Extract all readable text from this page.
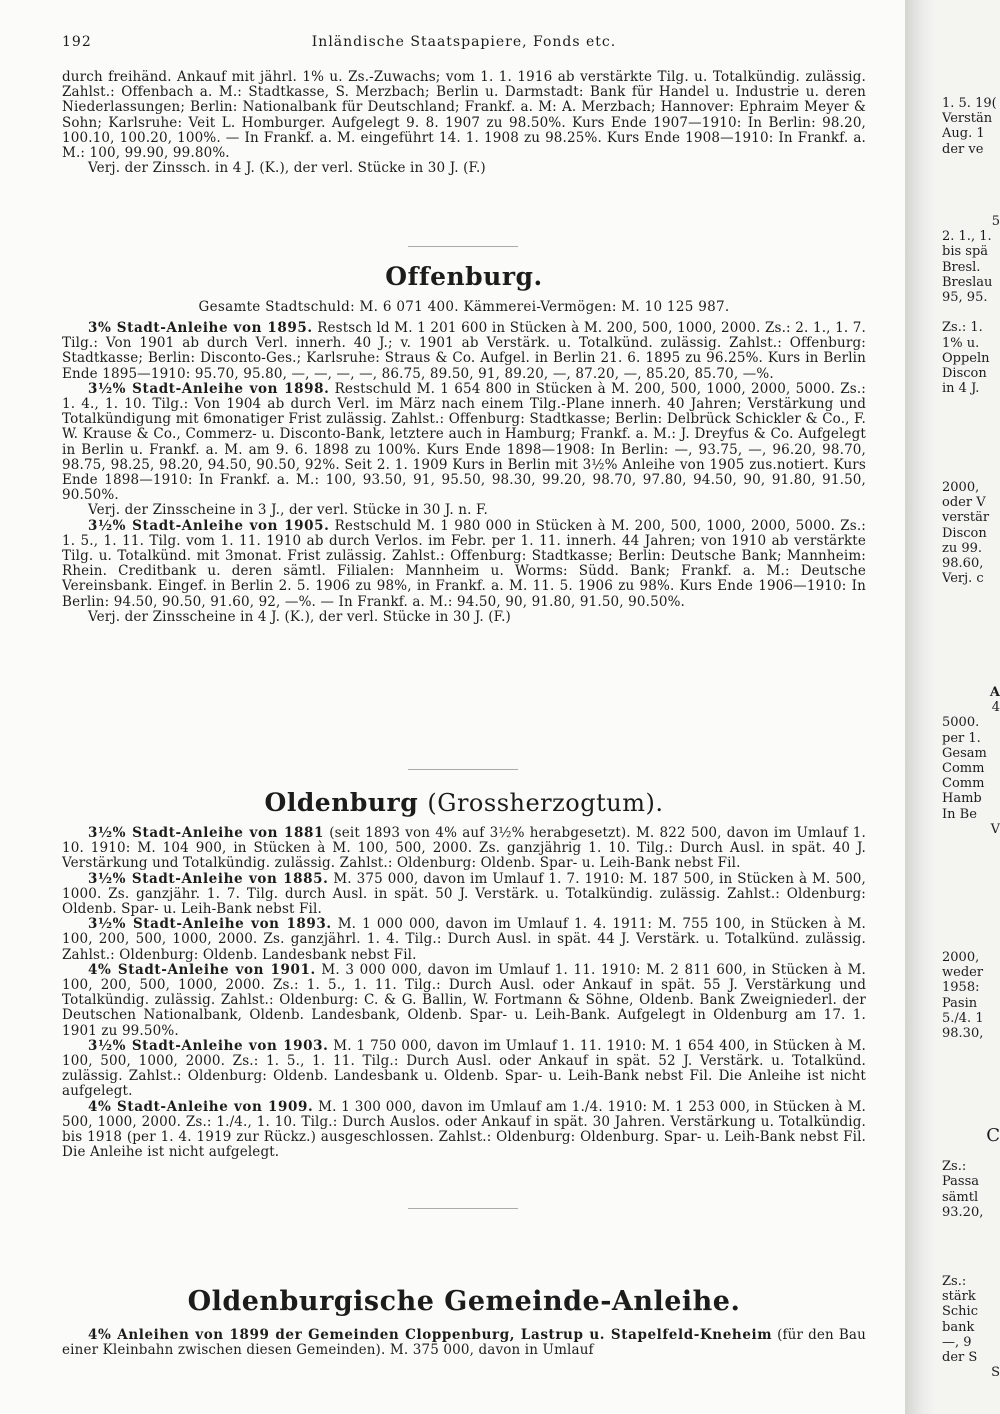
192	Inländische Staatspapiere, Fonds etc.

durch freihänd. Ankauf mit jährl. 1% u. Zs.-Zuwachs; vom 1. 1. 1916 ab verstärkte Tilg. u. Totalkündig. zulässig. Zahlst.: Offenbach a. M.: Stadtkasse, S. Merzbach; Berlin u. Darmstadt: Bank für Handel u. Industrie u. deren Niederlassungen; Berlin: Nationalbank für Deutschland; Frankf. a. M: A. Merzbach; Hannover: Ephraim Meyer & Sohn; Karlsruhe: Veit L. Homburger. Aufgelegt 9. 8. 1907 zu 98.50%. Kurs Ende 1907—1910: In Berlin: 98.20, 100.10, 100.20, 100%. — In Frankf. a. M. eingeführt 14. 1. 1908 zu 98.25%. Kurs Ende 1908—1910: In Frankf. a. M.: 100, 99.90, 99.80%.

Verj. der Zinssch. in 4 J. (K.), der verl. Stücke in 30 J. (F.)

Offenburg.
Gesamte Stadtschuld: M. 6 071 400. Kämmerei-Vermögen: M. 10 125 987.

3% Stadt-Anleihe von 1895. Restsch ld M. 1 201 600 in Stücken à M. 200, 500, 1000, 2000. Zs.: 2. 1., 1. 7. Tilg.: Von 1901 ab durch Verl. innerh. 40 J.; v. 1901 ab Verstärk. u. Totalkünd. zulässig. Zahlst.: Offenburg: Stadtkasse; Berlin: Disconto-Ges.; Karlsruhe: Straus & Co. Aufgel. in Berlin 21. 6. 1895 zu 96.25%. Kurs in Berlin Ende 1895—1910: 95.70, 95.80, —, —, —, —, 86.75, 89.50, 91, 89.20, —, 87.20, —, 85.20, 85.70, —%.

3½% Stadt-Anleihe von 1898. Restschuld M. 1 654 800 in Stücken à M. 200, 500, 1000, 2000, 5000. Zs.: 1. 4., 1. 10. Tilg.: Von 1904 ab durch Verl. im März nach einem Tilg.-Plane innerh. 40 Jahren; Verstärkung und Totalkündigung mit 6monatiger Frist zulässig. Zahlst.: Offenburg: Stadtkasse; Berlin: Delbrück Schickler & Co., F. W. Krause & Co., Commerz- u. Disconto-Bank, letztere auch in Hamburg; Frankf. a. M.: J. Dreyfus & Co. Aufgelegt in Berlin u. Frankf. a. M. am 9. 6. 1898 zu 100%. Kurs Ende 1898—1908: In Berlin: —, 93.75, —, 96.20, 98.70, 98.75, 98.25, 98.20, 94.50, 90.50, 92%. Seit 2. 1. 1909 Kurs in Berlin mit 3½% Anleihe von 1905 zus.notiert. Kurs Ende 1898—1910: In Frankf. a. M.: 100, 93.50, 91, 95.50, 98.30, 99.20, 98.70, 97.80, 94.50, 90, 91.80, 91.50, 90.50%.

Verj. der Zinsscheine in 3 J., der verl. Stücke in 30 J. n. F.

3½% Stadt-Anleihe von 1905. Restschuld M. 1 980 000 in Stücken à M. 200, 500, 1000, 2000, 5000. Zs.: 1. 5., 1. 11. Tilg. vom 1. 11. 1910 ab durch Verlos. im Febr. per 1. 11. innerh. 44 Jahren; von 1910 ab verstärkte Tilg. u. Totalkünd. mit 3monat. Frist zulässig. Zahlst.: Offenburg: Stadtkasse; Berlin: Deutsche Bank; Mannheim: Rhein. Creditbank u. deren sämtl. Filialen: Mannheim u. Worms: Südd. Bank; Frankf. a. M.: Deutsche Vereinsbank. Eingef. in Berlin 2. 5. 1906 zu 98%, in Frankf. a. M. 11. 5. 1906 zu 98%. Kurs Ende 1906—1910: In Berlin: 94.50, 90.50, 91.60, 92, —%. — In Frankf. a. M.: 94.50, 90, 91.80, 91.50, 90.50%.

Verj. der Zinsscheine in 4 J. (K.), der verl. Stücke in 30 J. (F.)

Oldenburg (Grossherzogtum).

3½% Stadt-Anleihe von 1881 (seit 1893 von 4% auf 3½% herabgesetzt). M. 822 500, davon im Umlauf 1. 10. 1910: M. 104 900, in Stücken à M. 100, 500, 2000. Zs. ganzjährig 1. 10. Tilg.: Durch Ausl. in spät. 40 J. Verstärkung und Totalkündig. zulässig. Zahlst.: Oldenburg: Oldenb. Spar- u. Leih-Bank nebst Fil.

3½% Stadt-Anleihe von 1885. M. 375 000, davon im Umlauf 1. 7. 1910: M. 187 500, in Stücken à M. 500, 1000. Zs. ganzjähr. 1. 7. Tilg. durch Ausl. in spät. 50 J. Verstärk. u. Totalkündig. zulässig. Zahlst.: Oldenburg: Oldenb. Spar- u. Leih-Bank nebst Fil.

3½% Stadt-Anleihe von 1893. M. 1 000 000, davon im Umlauf 1. 4. 1911: M. 755 100, in Stücken à M. 100, 200, 500, 1000, 2000. Zs. ganzjährl. 1. 4. Tilg.: Durch Ausl. in spät. 44 J. Verstärk. u. Totalkünd. zulässig. Zahlst.: Oldenburg: Oldenb. Landesbank nebst Fil.

4% Stadt-Anleihe von 1901. M. 3 000 000, davon im Umlauf 1. 11. 1910: M. 2 811 600, in Stücken à M. 100, 200, 500, 1000, 2000. Zs.: 1. 5., 1. 11. Tilg.: Durch Ausl. oder Ankauf in spät. 55 J. Verstärkung und Totalkündig. zulässig. Zahlst.: Oldenburg: C. & G. Ballin, W. Fortmann & Söhne, Oldenb. Bank Zweigniederl. der Deutschen Nationalbank, Oldenb. Landesbank, Oldenb. Spar- u. Leih-Bank. Aufgelegt in Oldenburg am 17. 1. 1901 zu 99.50%.

3½% Stadt-Anleihe von 1903. M. 1 750 000, davon im Umlauf 1. 11. 1910: M. 1 654 400, in Stücken à M. 100, 500, 1000, 2000. Zs.: 1. 5., 1. 11. Tilg.: Durch Ausl. oder Ankauf in spät. 52 J. Verstärk. u. Totalkünd. zulässig. Zahlst.: Oldenburg: Oldenb. Landesbank u. Oldenb. Spar- u. Leih-Bank nebst Fil. Die Anleihe ist nicht aufgelegt.

4% Stadt-Anleihe von 1909. M. 1 300 000, davon im Umlauf am 1./4. 1910: M. 1 253 000, in Stücken à M. 500, 1000, 2000. Zs.: 1./4., 1. 10. Tilg.: Durch Auslos. oder Ankauf in spät. 30 Jahren. Verstärkung u. Totalkündig. bis 1918 (per 1. 4. 1919 zur Rückz.) ausgeschlossen. Zahlst.: Oldenburg: Oldenburg. Spar- u. Leih-Bank nebst Fil. Die Anleihe ist nicht aufgelegt.

Oldenburgische Gemeinde-Anleihe.

4% Anleihen von 1899 der Gemeinden Cloppenburg, Lastrup u. Stapelfeld-Kneheim (für den Bau einer Kleinbahn zwischen diesen Gemeinden). M. 375 000, davon in Umlauf

1. 5. 19(
Verstän
Aug. 1
der ve
5
2. 1., 1.
bis spä
Bresl.
Breslau
95, 95.
Zs.: 1.
1% u.
Oppeln
Discon
in 4 J.
2000,
oder V
verstär
Discon
zu 99.
98.60,
Verj. c
A
4
5000.
per 1.
Gesam
Comm
Comm
Hamb
In Be
V
2000,
weder
1958:
Pasin
5./4. 1
98.30,
C
Zs.:
Passa
sämtl
93.20,
Zs.:
stärk
Schic
bank
—, 9
der S
S
